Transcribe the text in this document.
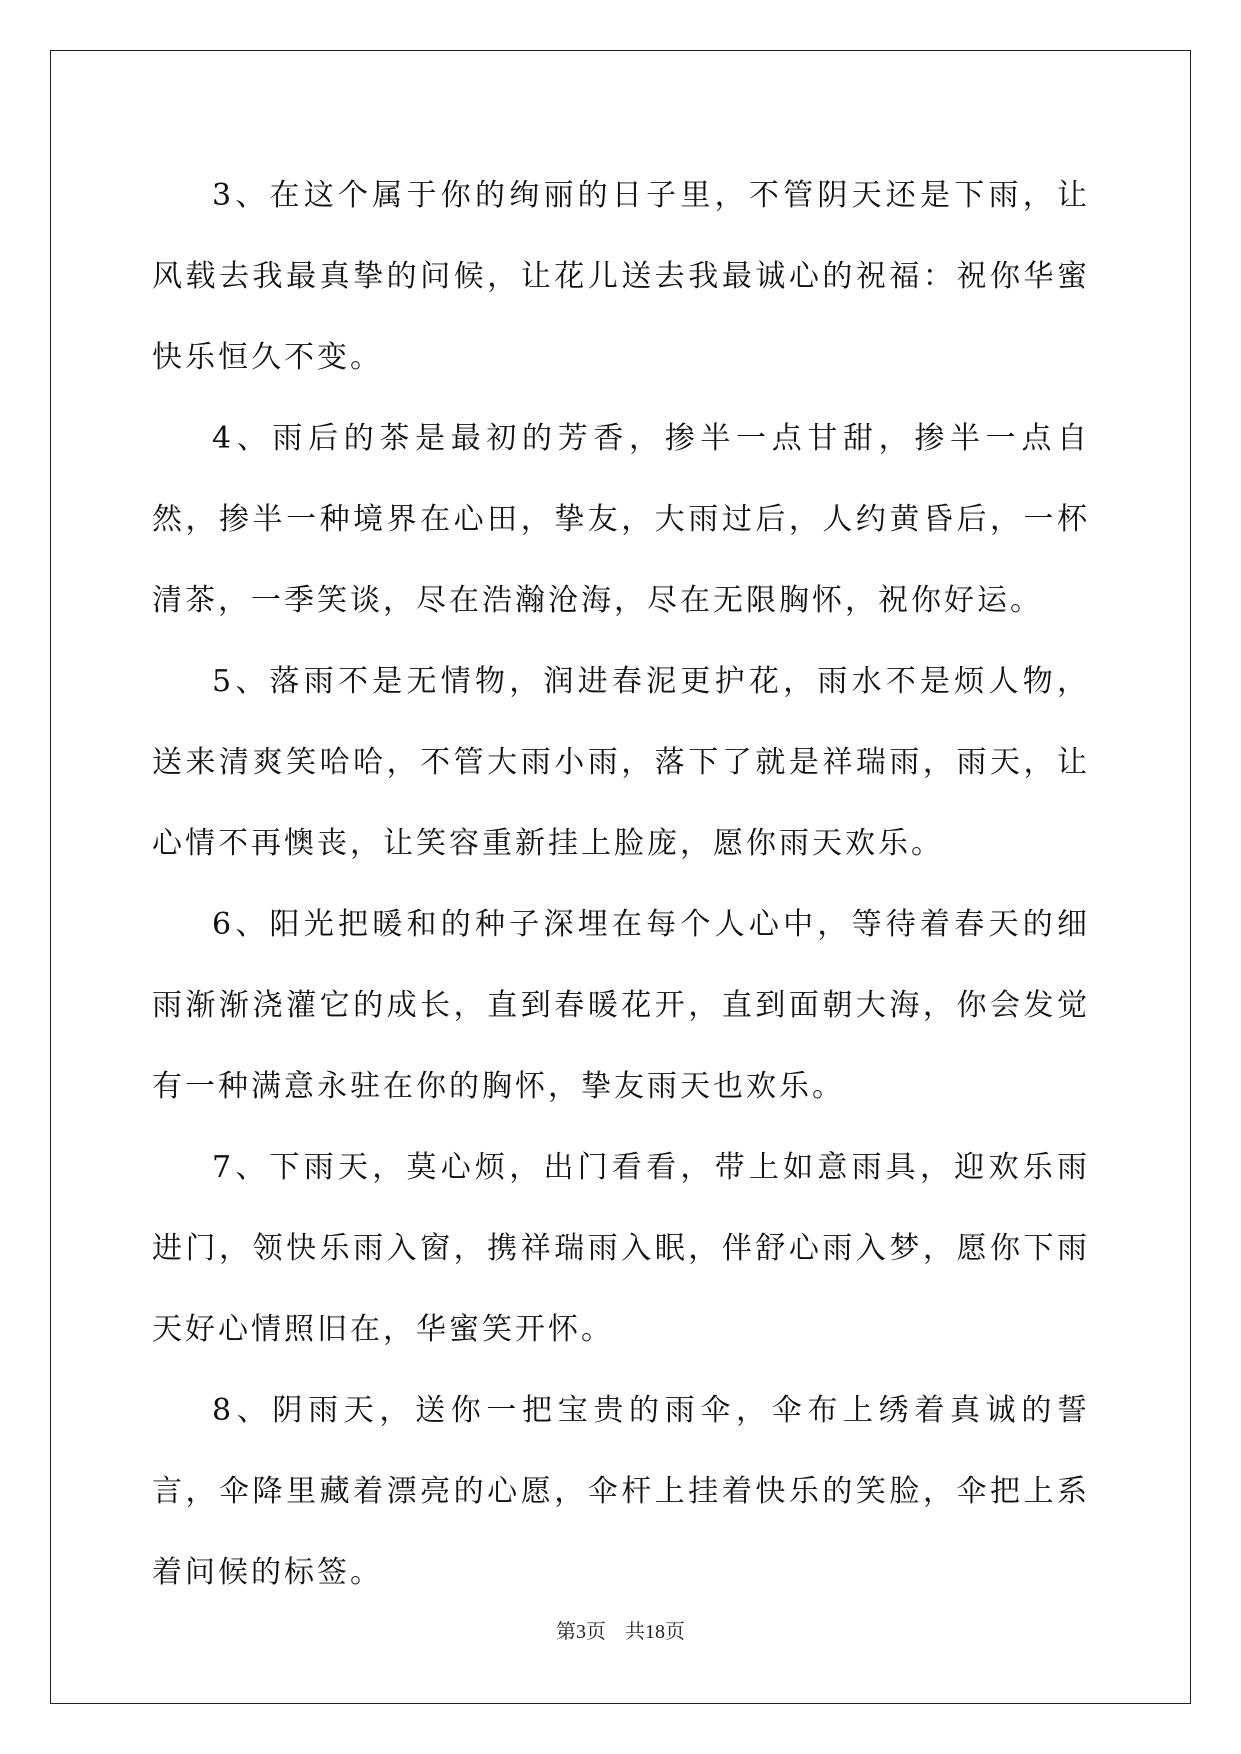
3、在这个属于你的绚丽的日子里，不管阴天还是下雨，让风载去我最真挚的问候，让花儿送去我最诚心的祝福：祝你华蜜快乐恒久不变。

4、雨后的茶是最初的芳香，掺半一点甘甜，掺半一点自然，掺半一种境界在心田，挚友，大雨过后，人约黄昏后，一杯清茶，一季笑谈，尽在浩瀚沧海，尽在无限胸怀，祝你好运。

5、落雨不是无情物，润进春泥更护花，雨水不是烦人物，送来清爽笑哈哈，不管大雨小雨，落下了就是祥瑞雨，雨天，让心情不再懊丧，让笑容重新挂上脸庞，愿你雨天欢乐。

6、阳光把暖和的种子深埋在每个人心中，等待着春天的细雨渐渐浇灌它的成长，直到春暖花开，直到面朝大海，你会发觉有一种满意永驻在你的胸怀，挚友雨天也欢乐。

7、下雨天，莫心烦，出门看看，带上如意雨具，迎欢乐雨进门，领快乐雨入窗，携祥瑞雨入眠，伴舒心雨入梦，愿你下雨天好心情照旧在，华蜜笑开怀。

8、阴雨天，送你一把宝贵的雨伞，伞布上绣着真诚的誓言，伞降里藏着漂亮的心愿，伞杆上挂着快乐的笑脸，伞把上系着问候的标签。

第3页 共18页
